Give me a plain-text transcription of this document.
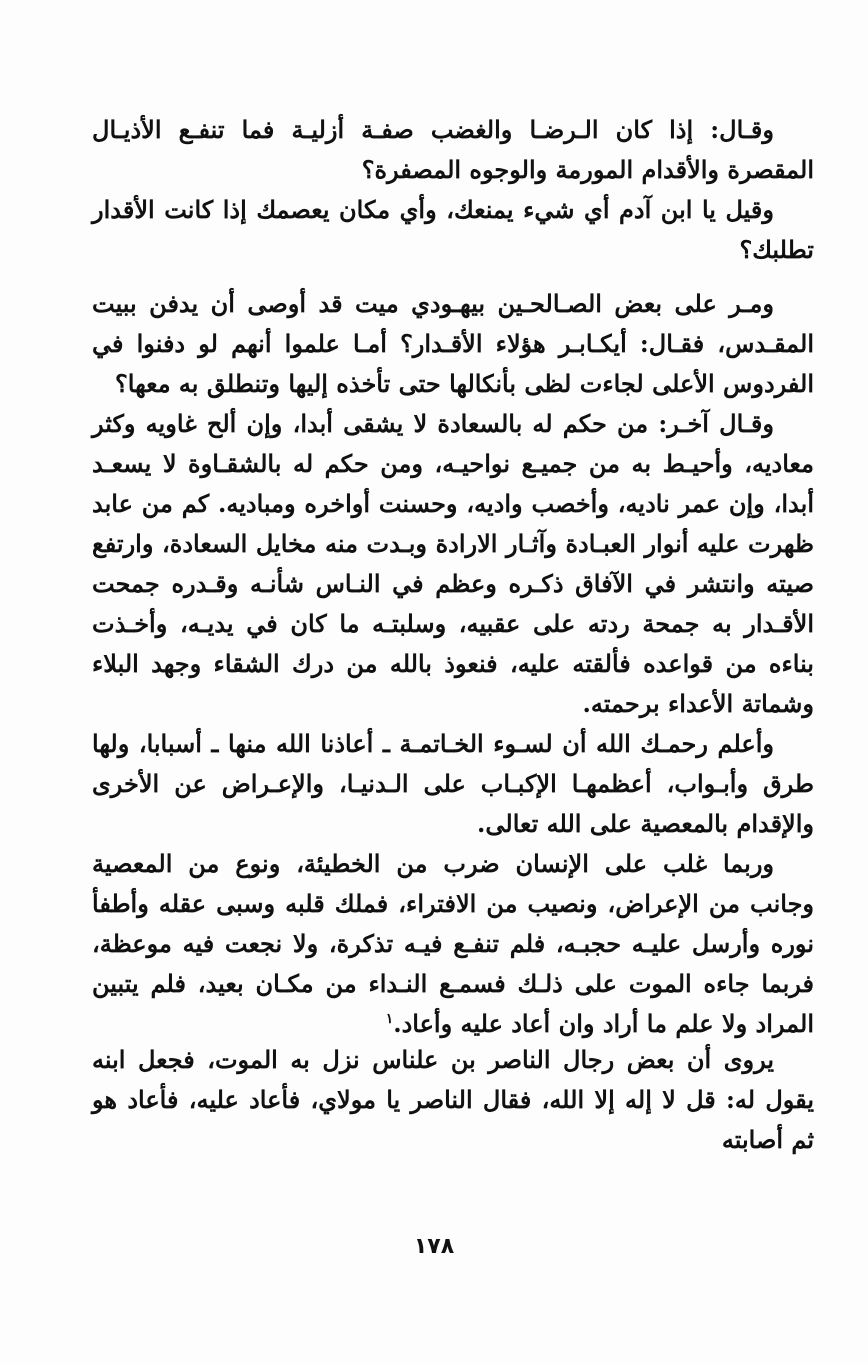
وقـال: إذا كان الـرضـا والغضب صفـة أزليـة فما تنفـع الأذيـال المقصرة والأقدام المورمة والوجوه المصفرة؟

وقيل يا ابن آدم أي شيء يمنعك، وأي مكان يعصمك إذا كانت الأقدار تطلبك؟

ومـر على بعض الصـالحـين بيهـودي ميت قد أوصى أن يدفن ببيت المقـدس، فقـال: أيكـابـر هؤلاء الأقـدار؟ أمـا علموا أنهم لو دفنوا في الفردوس الأعلى لجاءت لظى بأنكالها حتى تأخذه إليها وتنطلق به معها؟

وقـال آخـر: من حكم له بالسعادة لا يشقى أبدا، وإن ألح غاويه وكثر معاديه، وأحيـط به من جميـع نواحيـه، ومن حكم له بالشقـاوة لا يسعـد أبدا، وإن عمر ناديه، وأخصب واديه، وحسنت أواخره ومباديه. كم من عابد ظهرت عليه أنوار العبـادة وآثـار الارادة وبـدت منه مخايل السعادة، وارتفع صيته وانتشر في الآفاق ذكـره وعظم في النـاس شأنـه وقـدره جمحت الأقـدار به جمحة ردته على عقبيه، وسلبتـه ما كان في يديـه، وأخـذت بناءه من قواعده فألقته عليه، فنعوذ بالله من درك الشقاء وجهد البلاء وشماتة الأعداء برحمته.

وأعلم رحمـك الله أن لسـوء الخـاتمـة ـ أعاذنا الله منها ـ أسبابا، ولها طرق وأبـواب، أعظمهـا الإكبـاب على الـدنيـا، والإعـراض عن الأخرى والإقدام بالمعصية على الله تعالى.

وربما غلب على الإنسان ضرب من الخطيئة، ونوع من المعصية وجانب من الإعراض، ونصيب من الافتراء، فملك قلبه وسبى عقله وأطفأ نوره وأرسل عليـه حجبـه، فلم تنفـع فيـه تذكرة، ولا نجعت فيه موعظة، فربما جاءه الموت على ذلـك فسمـع النـداء من مكـان بعيد، فلم يتبين المراد ولا علم ما أراد وان أعاد عليه وأعاد.$^١$

يروى أن بعض رجال الناصر بن علناس نزل به الموت، فجعل ابنه يقول له: قل لا إله إلا الله، فقال الناصر يا مولاي، فأعاد عليه، فأعاد هو ثم أصابته

١٧٨
